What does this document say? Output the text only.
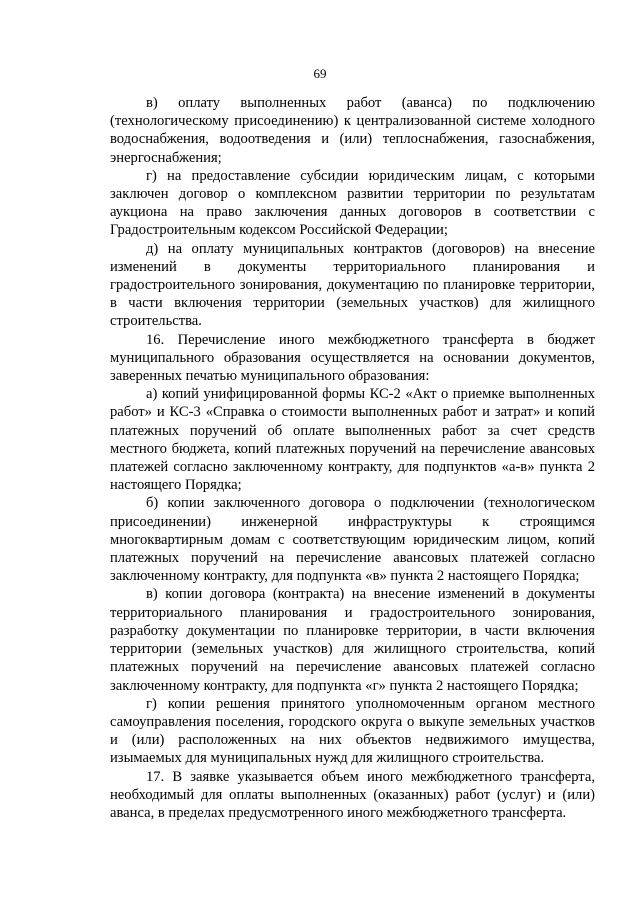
69

в) оплату выполненных работ (аванса) по подключению (технологическому присоединению) к централизованной системе холодного водоснабжения, водоотведения и (или) теплоснабжения, газоснабжения, энергоснабжения;

г) на предоставление субсидии юридическим лицам, с которыми заключен договор о комплексном развитии территории по результатам аукциона на право заключения данных договоров в соответствии с Градостроительным кодексом Российской Федерации;

д) на оплату муниципальных контрактов (договоров) на внесение изменений в документы территориального планирования и градостроительного зонирования, документацию по планировке территории, в части включения территории (земельных участков) для жилищного строительства.

16. Перечисление иного межбюджетного трансферта в бюджет муниципального образования осуществляется на основании документов, заверенных печатью муниципального образования:

а) копий унифицированной формы КС-2 «Акт о приемке выполненных работ» и КС-3 «Справка о стоимости выполненных работ и затрат» и копий платежных поручений об оплате выполненных работ за счет средств местного бюджета, копий платежных поручений на перечисление авансовых платежей согласно заключенному контракту, для подпунктов «а-в» пункта 2 настоящего Порядка;

б) копии заключенного договора о подключении (технологическом присоединении) инженерной инфраструктуры к строящимся многоквартирным домам с соответствующим юридическим лицом, копий платежных поручений на перечисление авансовых платежей согласно заключенному контракту, для подпункта «в» пункта 2 настоящего Порядка;

в) копии договора (контракта) на внесение изменений в документы территориального планирования и градостроительного зонирования, разработку документации по планировке территории, в части включения территории (земельных участков) для жилищного строительства, копий платежных поручений на перечисление авансовых платежей согласно заключенному контракту, для подпункта «г» пункта 2 настоящего Порядка;

г) копии решения принятого уполномоченным органом местного самоуправления поселения, городского округа о выкупе земельных участков и (или) расположенных на них объектов недвижимого имущества, изымаемых для муниципальных нужд для жилищного строительства.

17. В заявке указывается объем иного межбюджетного трансферта, необходимый для оплаты выполненных (оказанных) работ (услуг) и (или) аванса, в пределах предусмотренного иного межбюджетного трансферта.
